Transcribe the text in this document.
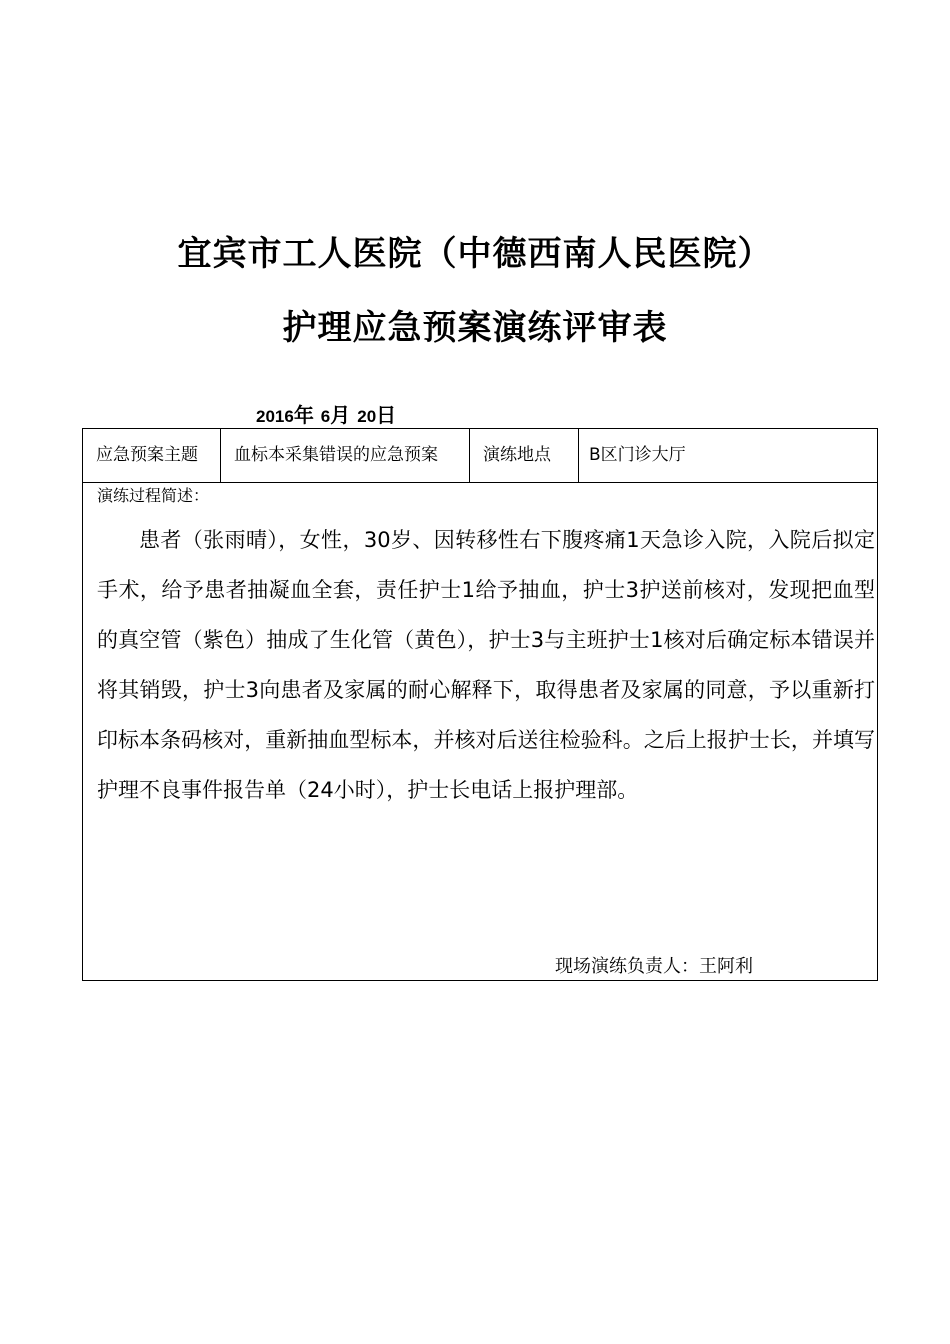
宜宾市工人医院（中德西南人民医院）
护理应急预案演练评审表
2016年 6月 20日
应急预案主题	血标本采集错误的应急预案	演练地点	B区门诊大厅
演练过程简述：

患者（张雨晴），女性，30岁、因转移性右下腹疼痛1天急诊入院，入院后拟定手术，给予患者抽凝血全套，责任护士1给予抽血，护士3护送前核对，发现把血型的真空管（紫色）抽成了生化管（黄色），护士3与主班护士1核对后确定标本错误并将其销毁，护士3向患者及家属的耐心解释下，取得患者及家属的同意，予以重新打印标本条码核对，重新抽血型标本，并核对后送往检验科。之后上报护士长，并填写护理不良事件报告单（24小时），护士长电话上报护理部。

现场演练负责人：王阿利
